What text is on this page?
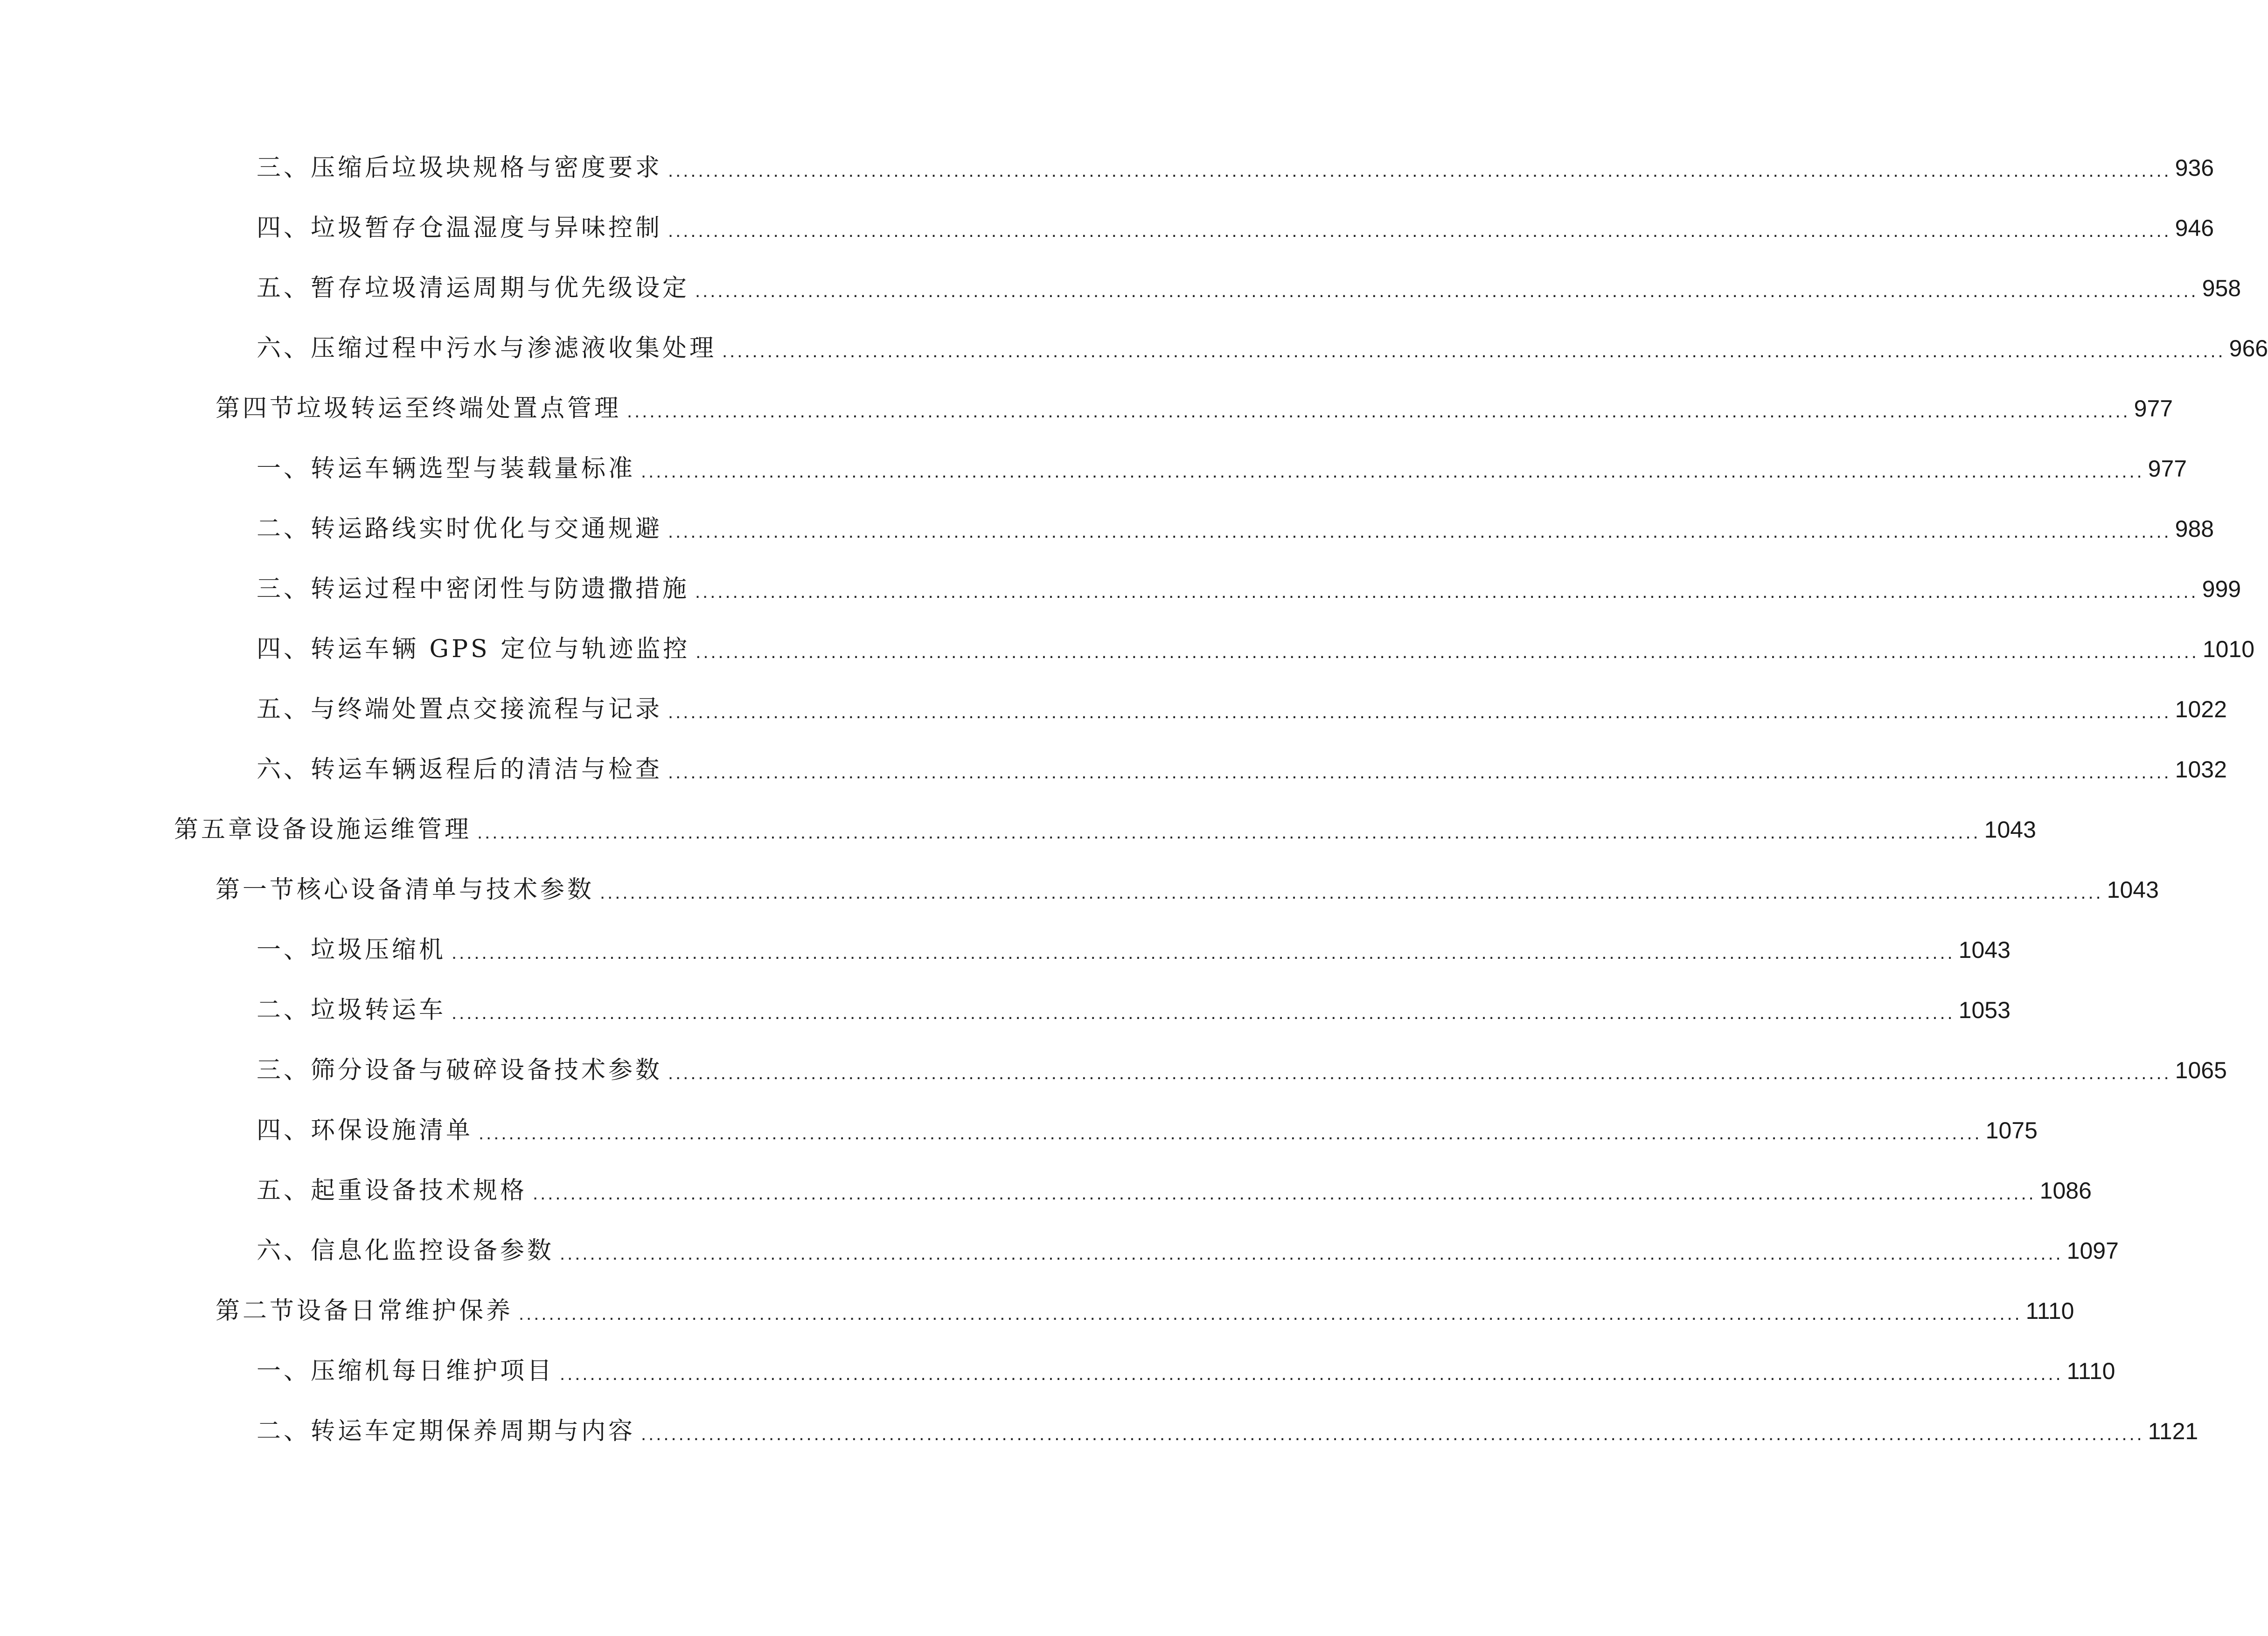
三、压缩后垃圾块规格与密度要求 ........................................................................................................................................................................................................ 936
四、垃圾暂存仓温湿度与异味控制 ........................................................................................................................................................................................................ 946
五、暂存垃圾清运周期与优先级设定 ........................................................................................................................................................................................................ 958
六、压缩过程中污水与渗滤液收集处理 ........................................................................................................................................................................................................ 966
第四节垃圾转运至终端处置点管理 ........................................................................................................................................................................................................ 977
一、转运车辆选型与装载量标准 ........................................................................................................................................................................................................ 977
二、转运路线实时优化与交通规避 ........................................................................................................................................................................................................ 988
三、转运过程中密闭性与防遗撒措施 ........................................................................................................................................................................................................ 999
四、转运车辆 GPS 定位与轨迹监控 ........................................................................................................................................................................................................ 1010
五、与终端处置点交接流程与记录 ........................................................................................................................................................................................................ 1022
六、转运车辆返程后的清洁与检查 ........................................................................................................................................................................................................ 1032
第五章设备设施运维管理 ........................................................................................................................................................................................................ 1043
第一节核心设备清单与技术参数 ........................................................................................................................................................................................................ 1043
一、垃圾压缩机 ........................................................................................................................................................................................................ 1043
二、垃圾转运车 ........................................................................................................................................................................................................ 1053
三、筛分设备与破碎设备技术参数 ........................................................................................................................................................................................................ 1065
四、环保设施清单 ........................................................................................................................................................................................................ 1075
五、起重设备技术规格 ........................................................................................................................................................................................................ 1086
六、信息化监控设备参数 ........................................................................................................................................................................................................ 1097
第二节设备日常维护保养 ........................................................................................................................................................................................................ 1110
一、压缩机每日维护项目 ........................................................................................................................................................................................................ 1110
二、转运车定期保养周期与内容 ........................................................................................................................................................................................................ 1121
